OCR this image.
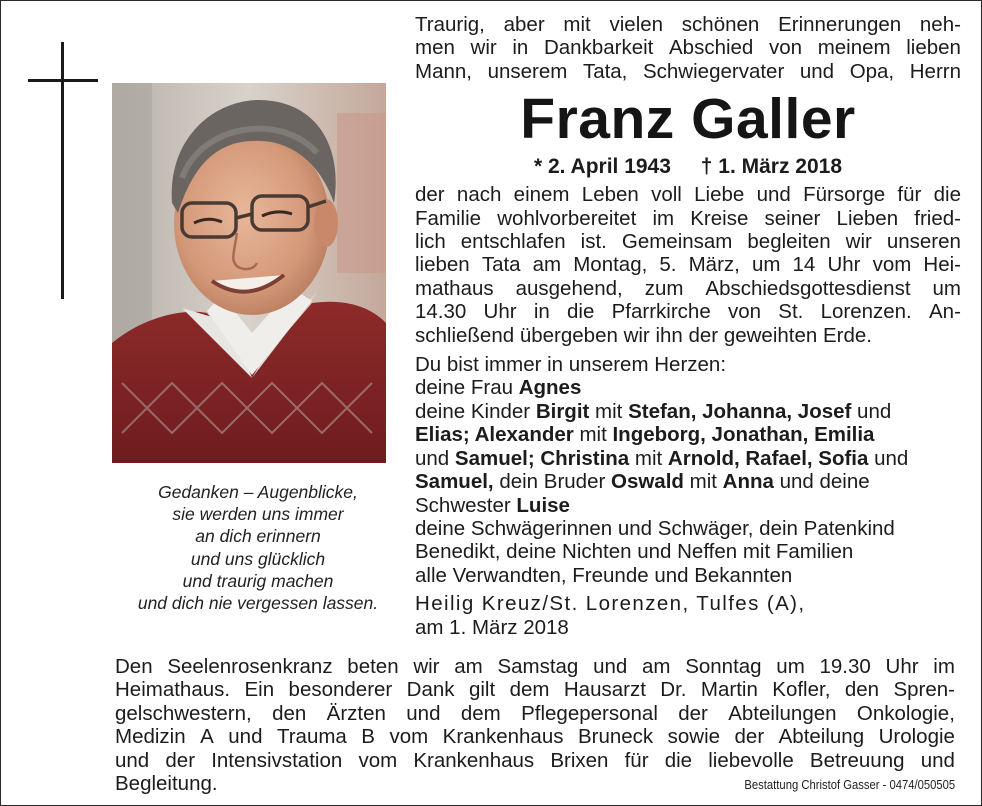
Gedanken – Augenblicke,
sie werden uns immer
an dich erinnern
und uns glücklich
und traurig machen
und dich nie vergessen lassen.
Traurig, aber mit vielen schönen Erinnerungen neh-
men wir in Dankbarkeit Abschied von meinem lieben
Mann, unserem Tata, Schwiegervater und Opa, Herrn
Franz Galler
* 2. April 1943 † 1. März 2018
der nach einem Leben voll Liebe und Fürsorge für die
Familie wohlvorbereitet im Kreise seiner Lieben fried-
lich entschlafen ist. Gemeinsam begleiten wir unseren
lieben Tata am Montag, 5. März, um 14 Uhr vom Hei-
mathaus ausgehend, zum Abschiedsgottesdienst um
14.30 Uhr in die Pfarrkirche von St. Lorenzen. An-
schließend übergeben wir ihn der geweihten Erde.
Du bist immer in unserem Herzen:
deine Frau Agnes
deine Kinder Birgit mit Stefan, Johanna, Josef und
Elias; Alexander mit Ingeborg, Jonathan, Emilia
und Samuel; Christina mit Arnold, Rafael, Sofia und
Samuel, dein Bruder Oswald mit Anna und deine
Schwester Luise
deine Schwägerinnen und Schwäger, dein Patenkind
Benedikt, deine Nichten und Neffen mit Familien
alle Verwandten, Freunde und Bekannten
Heilig Kreuz/St. Lorenzen, Tulfes (A),
am 1. März 2018
Den Seelenrosenkranz beten wir am Samstag und am Sonntag um 19.30 Uhr im
Heimathaus. Ein besonderer Dank gilt dem Hausarzt Dr. Martin Kofler, den Spren-
gelschwestern, den Ärzten und dem Pflegepersonal der Abteilungen Onkologie,
Medizin A und Trauma B vom Krankenhaus Bruneck sowie der Abteilung Urologie
und der Intensivstation vom Krankenhaus Brixen für die liebevolle Betreuung und
Begleitung.	Bestattung Christof Gasser - 0474/050505
